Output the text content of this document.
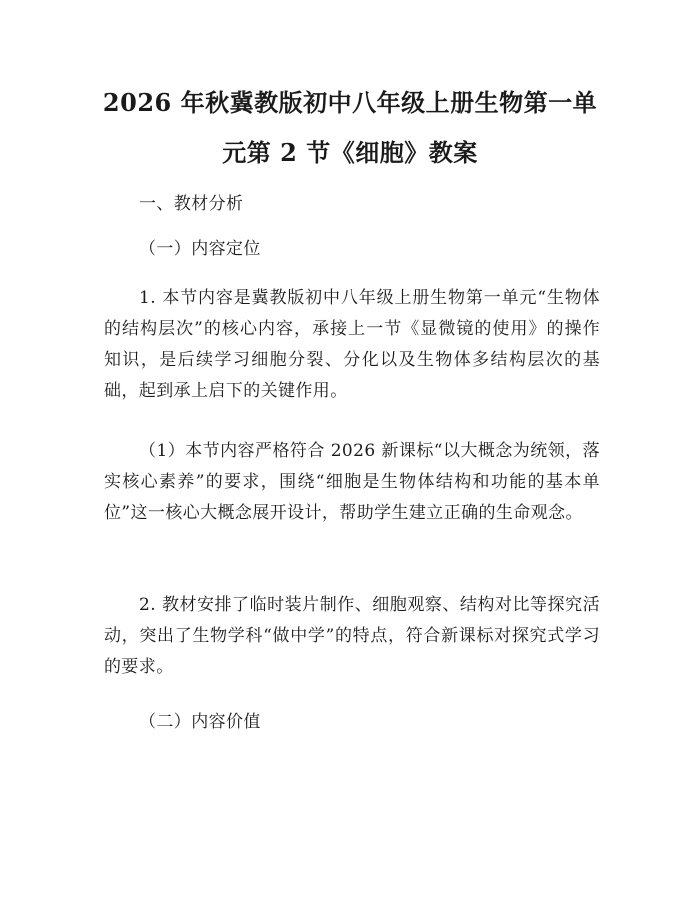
2026 年秋冀教版初中八年级上册生物第一单
元第 2 节《细胞》教案

一、教材分析

（一）内容定位

1. 本节内容是冀教版初中八年级上册生物第一单元“生物体的结构层次”的核心内容，承接上一节《显微镜的使用》的操作知识，是后续学习细胞分裂、分化以及生物体多结构层次的基础，起到承上启下的关键作用。

（1）本节内容严格符合 2026 新课标“以大概念为统领，落实核心素养”的要求，围绕“细胞是生物体结构和功能的基本单位”这一核心大概念展开设计，帮助学生建立正确的生命观念。

2. 教材安排了临时装片制作、细胞观察、结构对比等探究活动，突出了生物学科“做中学”的特点，符合新课标对探究式学习的要求。

（二）内容价值
